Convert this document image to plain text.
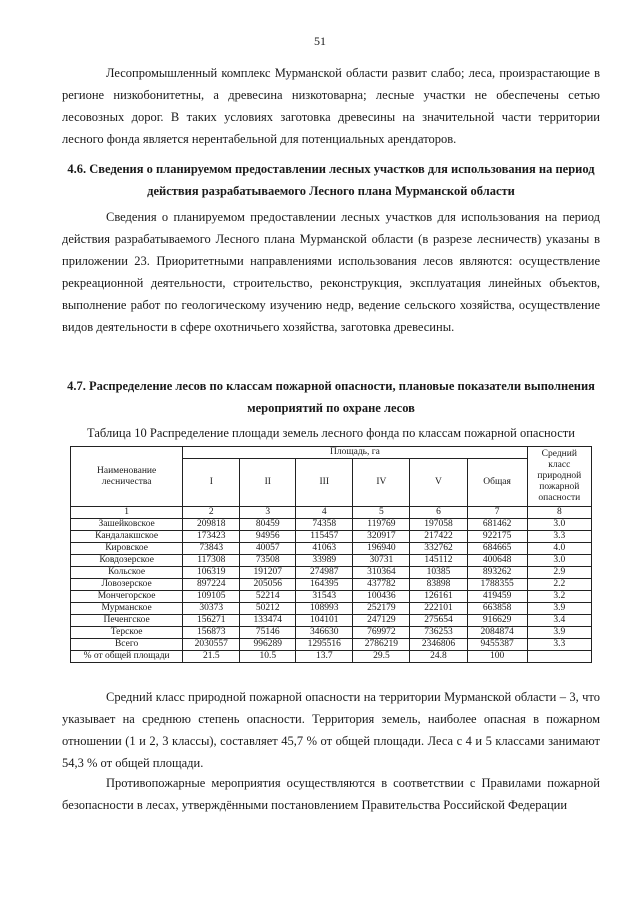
51

Лесопромышленный комплекс Мурманской области развит слабо; леса, произрастающие в регионе низкобонитетны, а древесина низкотоварна; лесные участки не обеспечены сетью лесовозных дорог. В таких условиях заготовка древесины на значительной части территории лесного фонда является нерентабельной для потенциальных арендаторов.

4.6. Сведения о планируемом предоставлении лесных участков для использования на период действия разрабатываемого Лесного плана Мурманской области

Сведения о планируемом предоставлении лесных участков для использования на период действия разрабатываемого Лесного плана Мурманской области (в разрезе лесничеств) указаны в приложении 23. Приоритетными направлениями использования лесов являются: осуществление рекреационной деятельности, строительство, реконструкция, эксплуатация линейных объектов, выполнение работ по геологическому изучению недр, ведение сельского хозяйства, осуществление видов деятельности в сфере охотничьего хозяйства, заготовка древесины.

4.7. Распределение лесов по классам пожарной опасности, плановые показатели выполнения мероприятий по охране лесов

Таблица 10 Распределение площади земель лесного фонда по классам пожарной опасности

Наименование лесничества	Площадь, га						Средний класс природной пожарной опасности
	I	II	III	IV	V	Общая	
1	2	3	4	5	6	7	8
Зашейковское	209818	80459	74358	119769	197058	681462	3.0
Кандалакшское	173423	94956	115457	320917	217422	922175	3.3
Кировское	73843	40057	41063	196940	332762	684665	4.0
Ковдозерское	117308	73508	33989	30731	145112	400648	3.0
Кольское	106319	191207	274987	310364	10385	893262	2.9
Ловозерское	897224	205056	164395	437782	83898	1788355	2.2
Мончегорское	109105	52214	31543	100436	126161	419459	3.2
Мурманское	30373	50212	108993	252179	222101	663858	3.9
Печенгское	156271	133474	104101	247129	275654	916629	3.4
Терское	156873	75146	346630	769972	736253	2084874	3.9
Всего	2030557	996289	1295516	2786219	2346806	9455387	3.3
% от общей площади	21.5	10.5	13.7	29.5	24.8	100	

Средний класс природной пожарной опасности на территории Мурманской области – 3, что указывает на среднюю степень опасности. Территория земель, наиболее опасная в пожарном отношении (1 и 2, 3 классы), составляет 45,7 % от общей площади. Леса с 4 и 5 классами занимают 54,3 % от общей площади.

Противопожарные мероприятия осуществляются в соответствии с Правилами пожарной безопасности в лесах, утверждёнными постановлением Правительства Российской Федерации
